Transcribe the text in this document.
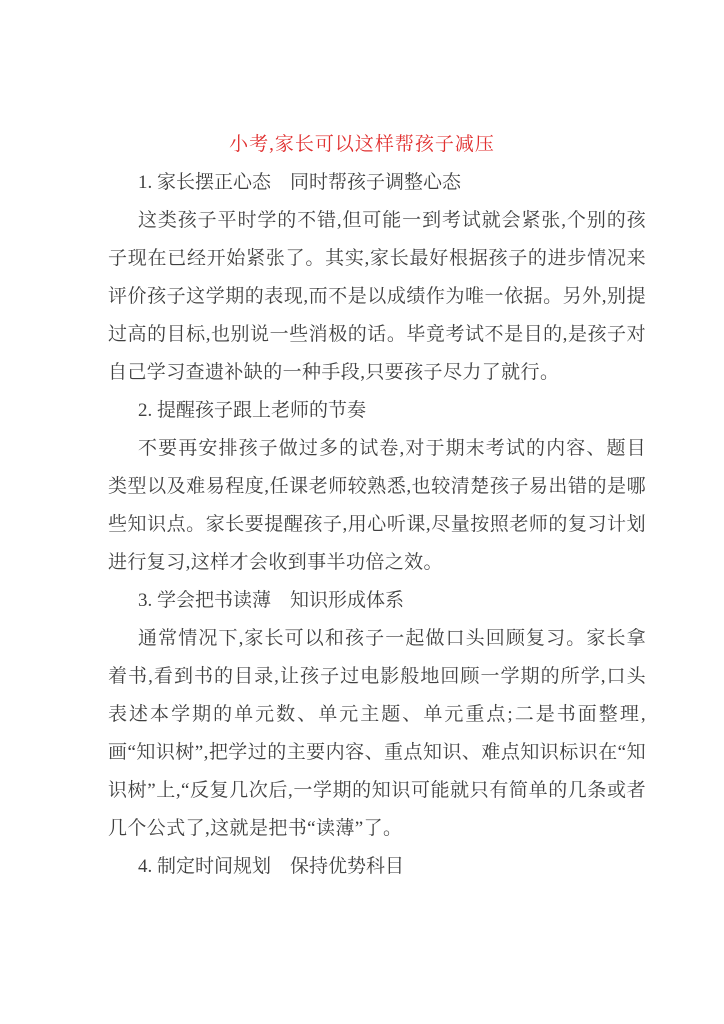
小考,家长可以这样帮孩子减压
1. 家长摆正心态　同时帮孩子调整心态

这类孩子平时学的不错,但可能一到考试就会紧张,个别的孩子现在已经开始紧张了。其实,家长最好根据孩子的进步情况来评价孩子这学期的表现,而不是以成绩作为唯一依据。另外,别提过高的目标,也别说一些消极的话。毕竟考试不是目的,是孩子对自己学习查遗补缺的一种手段,只要孩子尽力了就行。

2. 提醒孩子跟上老师的节奏

不要再安排孩子做过多的试卷,对于期末考试的内容、题目类型以及难易程度,任课老师较熟悉,也较清楚孩子易出错的是哪些知识点。家长要提醒孩子,用心听课,尽量按照老师的复习计划进行复习,这样才会收到事半功倍之效。

3. 学会把书读薄　知识形成体系

通常情况下,家长可以和孩子一起做口头回顾复习。家长拿着书,看到书的目录,让孩子过电影般地回顾一学期的所学,口头表述本学期的单元数、单元主题、单元重点;二是书面整理,画“知识树”,把学过的主要内容、重点知识、难点知识标识在“知识树”上,“反复几次后,一学期的知识可能就只有简单的几条或者几个公式了,这就是把书“读薄”了。

4. 制定时间规划　保持优势科目
